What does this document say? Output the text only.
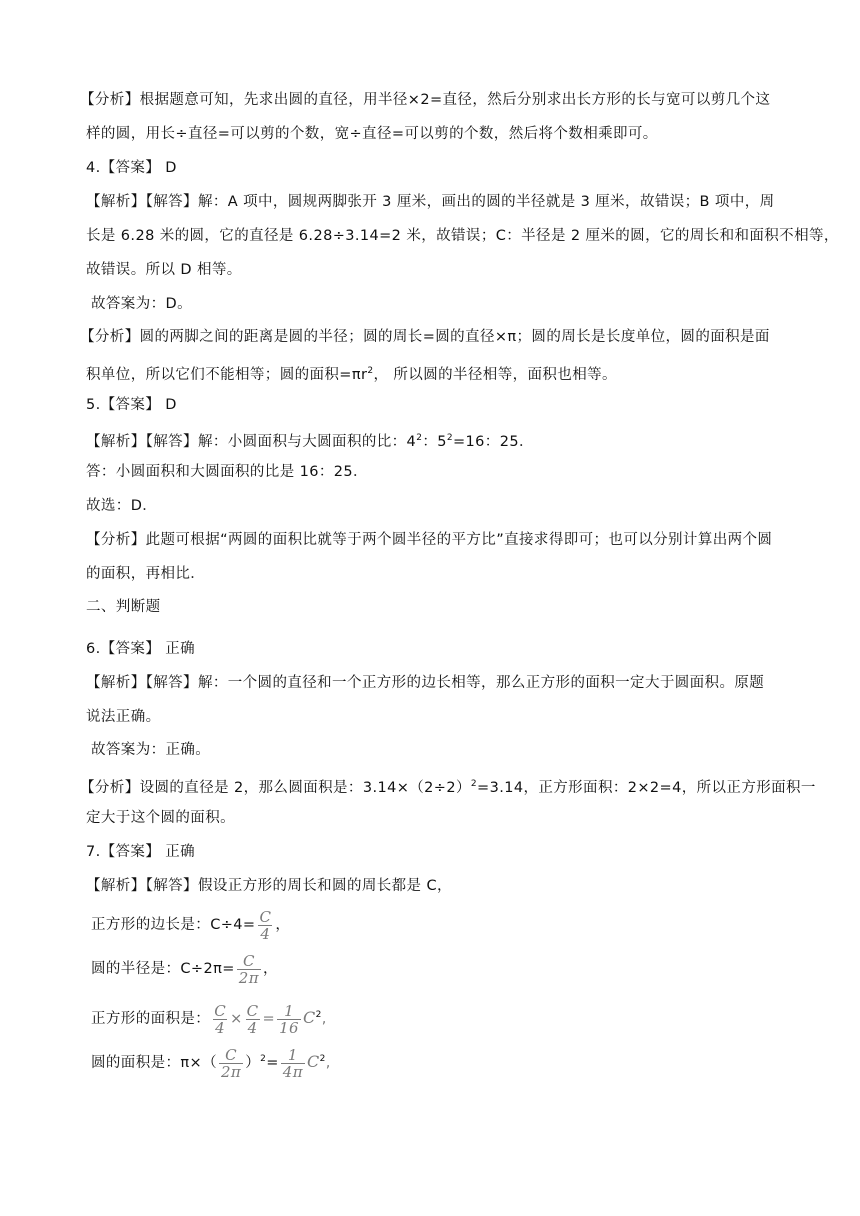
【分析】根据题意可知，先求出圆的直径，用半径×2=直径，然后分别求出长方形的长与宽可以剪几个这
样的圆，用长÷直径=可以剪的个数，宽÷直径=可以剪的个数，然后将个数相乘即可。
4.【答案】 D
【解析】【解答】解：A 项中，圆规两脚张开 3 厘米，画出的圆的半径就是 3 厘米，故错误；B 项中，周
长是 6.28 米的圆，它的直径是 6.28÷3.14=2 米，故错误；C：半径是 2 厘米的圆，它的周长和和面积不相等，
故错误。所以 D 相等。
故答案为：D。
【分析】圆的两脚之间的距离是圆的半径；圆的周长=圆的直径×π；圆的周长是长度单位，圆的面积是面
积单位，所以它们不能相等；圆的面积$=\pi r^2$， 所以圆的半径相等，面积也相等。
5.【答案】 D
【解析】【解答】解：小圆面积与大圆面积的比：$4^2$：$5^2=16$：25．
答：小圆面积和大圆面积的比是 16：25．
故选：D．
【分析】此题可根据“两圆的面积比就等于两个圆半径的平方比”直接求得即可；也可以分别计算出两个圆
的面积，再相比．
二、判断题
6.【答案】 正确
【解析】【解答】解：一个圆的直径和一个正方形的边长相等，那么正方形的面积一定大于圆面积。原题
说法正确。
故答案为：正确。
【分析】设圆的直径是 2，那么圆面积是：$3.14\times(2\div 2)^2=3.14$，正方形面积：2×2=4，所以正方形面积一
定大于这个圆的面积。
7.【答案】 正确
【解析】【解答】假设正方形的周长和圆的周长都是 C，
正方形的边长是：$C\div 4= \frac{C}{4}$ ，
圆的半径是：$C\div 2\pi= \frac{C}{2\pi}$ ，
正方形的面积是： $\frac{C}{4} \times \frac{C}{4} = \frac{1}{16} C^2$,
圆的面积是：$\pi\times( \frac{C}{2\pi} )^2= \frac{1}{4\pi} C^2$,
